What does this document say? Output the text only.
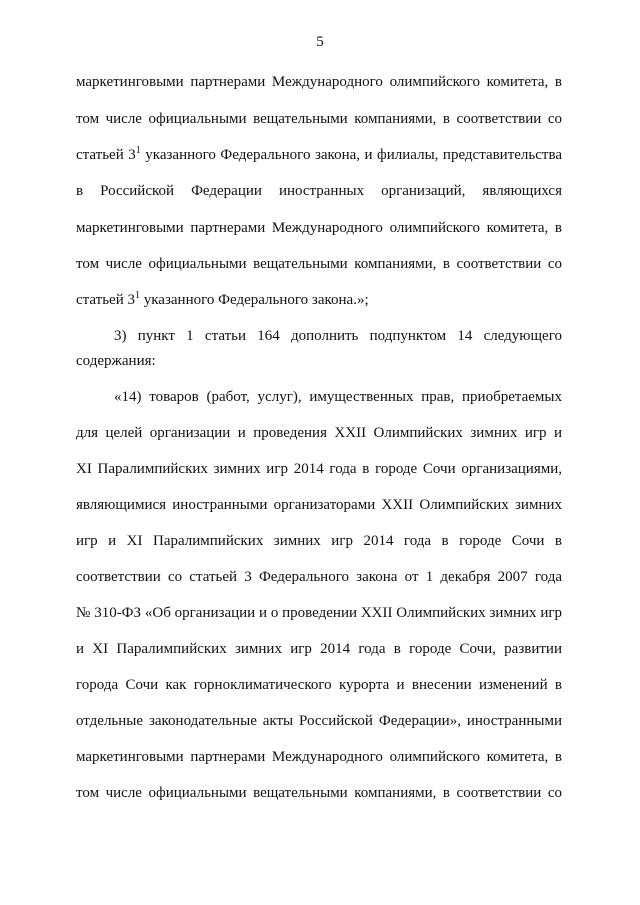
5
маркетинговыми партнерами Международного олимпийского комитета, в
том числе официальными вещательными компаниями, в соответствии со
статьей $3^1$ указанного Федерального закона, и филиалы, представительства
в Российской Федерации иностранных организаций, являющихся
маркетинговыми партнерами Международного олимпийского комитета, в
том числе официальными вещательными компаниями, в соответствии со
статьей $3^1$ указанного Федерального закона.»;
3) пункт 1 статьи 164 дополнить подпунктом 14 следующего
содержания:
«14) товаров (работ, услуг), имущественных прав, приобретаемых
для целей организации и проведения XXII Олимпийских зимних игр и
XI Паралимпийских зимних игр 2014 года в городе Сочи организациями,
являющимися иностранными организаторами XXII Олимпийских зимних
игр и XI Паралимпийских зимних игр 2014 года в городе Сочи в
соответствии со статьей 3 Федерального закона от 1 декабря 2007 года
№ 310-ФЗ «Об организации и о проведении XXII Олимпийских зимних игр
и XI Паралимпийских зимних игр 2014 года в городе Сочи, развитии
города Сочи как горноклиматического курорта и внесении изменений в
отдельные законодательные акты Российской Федерации», иностранными
маркетинговыми партнерами Международного олимпийского комитета, в
том числе официальными вещательными компаниями, в соответствии со
